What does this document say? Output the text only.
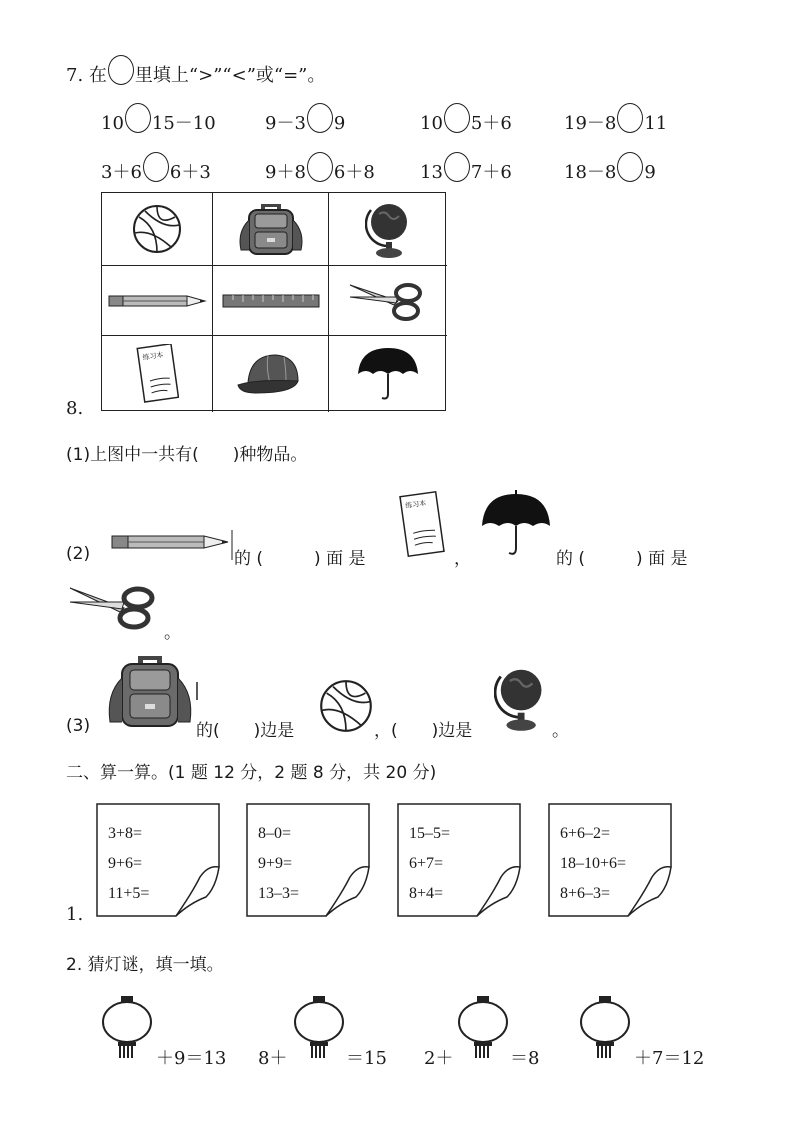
7. 在 里填上“>”“<”或“=”。
10 15－10	9－3 9	10 5＋6	19－8 11
3＋6 6＋3	9＋8 6＋8	13 7＋6	18－8 9
练习本
8.
(1)上图中一共有(　　)种物品。
(2)	的 (　　　) 面 是
练习本
，	的 (　　　) 面 是
。
(3)	的(　　)边是	，(　　)边是	。
二、算一算。(1 题 12 分，2 题 8 分，共 20 分)
1.
3+8=
9+6=
11+5=
8–0=
9+9=
13–3=
15–5=
6+7=
8+4=
6+6–2=
18–10+6=
8+6–3=
2. 猜灯谜，填一填。
＋9＝13 8＋	＝15 2＋	＝8	＋7＝12
